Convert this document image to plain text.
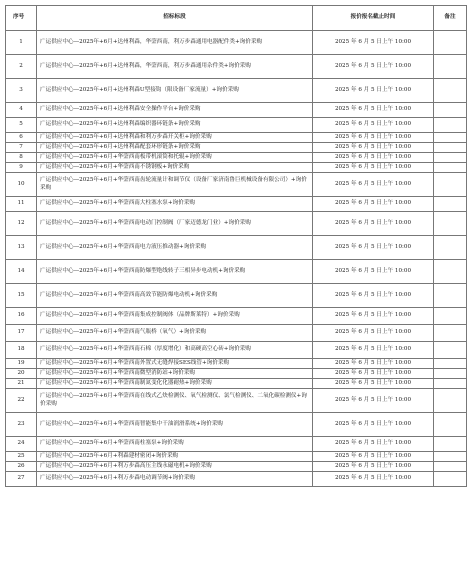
序号	招标标段	报价报名截止时间	备注
1	广运供应中心—2025年+6月+达州利森，华蓥西南，利万步森通用电器配件类+询价采购	2025 年 6 月 5 日上午 10:00	
2	广运供应中心—2025年+6月+达州利森，华蓥西南，利万步森通用杂件类+询价采购	2025 年 6 月 5 日上午 10:00	
3	广运供应中心—2025年+6月+达州利森U型接钩（限设备厂家流量）+询价采购	2025 年 6 月 5 日上午 10:00	
4	广运供应中心—2025年+6月+达州利森安全操作平台+询价采购	2025 年 6 月 5 日上午 10:00	
5	广运供应中心—2025年+6月+达州利森编织器环链条+询价采购	2025 年 6 月 5 日上午 10:00	
6	广运供应中心—2025年+6月+达州利森和利万步森开关柜+询价采购	2025 年 6 月 5 日上午 10:00	
7	广运供应中心—2025年+6月+达州利森配套环形链条+询价采购	2025 年 6 月 5 日上午 10:00	
8	广运供应中心—2025年+6月+华蓥西南板带机滚筒和托辊+询价采购	2025 年 6 月 5 日上午 10:00	
9	广运供应中心—2025年+6月+华蓥西南不锈钢板+询价采购	2025 年 6 月 5 日上午 10:00	
10	广运供应中心—2025年+6月+华蓥西南齿轮流量计和调节仪（设备厂家济南鲁巨机械设备有限公司）+询价采购	2025 年 6 月 5 日上午 10:00	
11	广运供应中心—2025年+6月+华蓥西南大柱塞水泵+询价采购	2025 年 6 月 5 日上午 10:00	
12	广运供应中心—2025年+6月+华蓥西南电动门控制阀（厂家迈德龙门业）+询价采购	2025 年 6 月 5 日上午 10:00	
13	广运供应中心—2025年+6月+华蓥西南电力液压推动器+询价采购	2025 年 6 月 5 日上午 10:00	
14	广运供应中心—2025年+6月+华蓥西南防爆型绝线转子三相异步电动机+询价采购	2025 年 6 月 5 日上午 10:00	
15	广运供应中心—2025年+6月+华蓥西南高效节能防爆电动机+询价采购	2025 年 6 月 5 日上午 10:00	
16	广运供应中心—2025年+6月+华蓥西南集成控制阀体（品牌斯莱特）+询价采购	2025 年 6 月 5 日上午 10:00	
17	广运供应中心—2025年+6月+华蓥西南气瓶桥（氧气）+询价采购	2025 年 6 月 5 日上午 10:00	
18	广运供应中心—2025年+6月+华蓥西南石棉（厚度增化）和高硬高空心砖+询价采购	2025 年 6 月 5 日上午 10:00	
19	广运供应中心—2025年+6月+华蓥西南外置式无缝焊接SES线管+询价采购	2025 年 6 月 5 日上午 10:00	
20	广运供应中心—2025年+6月+华蓥西南微型消防站+询价采购	2025 年 6 月 5 日上午 10:00	
21	广运供应中心—2025年+6月+华蓥西南制氮变化化器耐热+询价采购	2025 年 6 月 5 日上午 10:00	
22	广运供应中心—2025年+6月+华蓥西南在线式乙炔检测仪、氧气检测仪、氯气检测仪、二氧化碳检测仪+询价采购	2025 年 6 月 5 日上午 10:00	
23	广运供应中心—2025年+6月+华蓥西南智能集中干油润滑系统+询价采购	2025 年 6 月 5 日上午 10:00	
24	广运供应中心—2025年+6月+华蓥西南柱塞泵+询价采购	2025 年 6 月 5 日上午 10:00	
25	广运供应中心—2025年+6月+利森建材密闭+询价采购	2025 年 6 月 5 日上午 10:00	
26	广运供应中心—2025年+6月+利万步森高压主线永磁电机+询价采购	2025 年 6 月 5 日上午 10:00	
27	广运供应中心—2025年+6月+利万步森电动调节阀+询价采购	2025 年 6 月 5 日上午 10:00	
